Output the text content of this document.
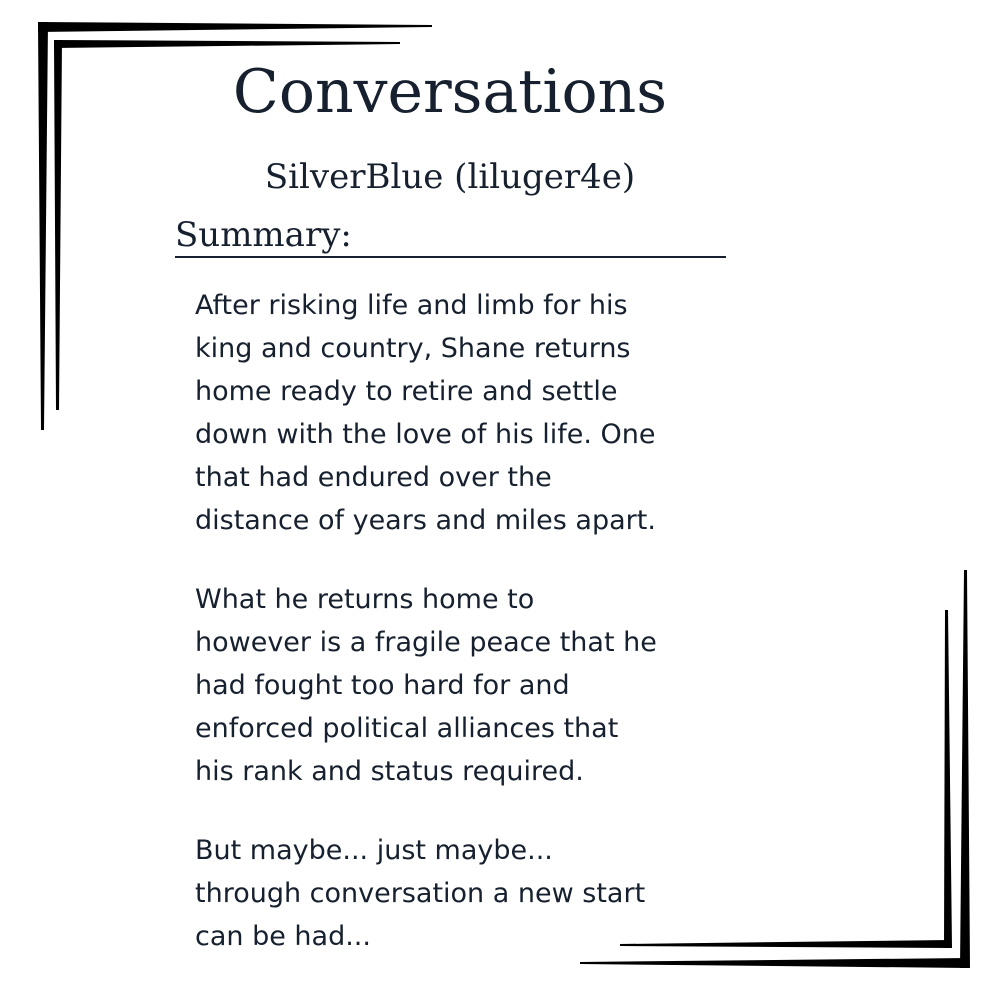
Conversations
SilverBlue (liluger4e)
Summary:

After risking life and limb for his
king and country, Shane returns
home ready to retire and settle
down with the love of his life. One
that had endured over the
distance of years and miles apart.

What he returns home to
however is a fragile peace that he
had fought too hard for and
enforced political alliances that
his rank and status required.

But maybe... just maybe...
through conversation a new start
can be had...
